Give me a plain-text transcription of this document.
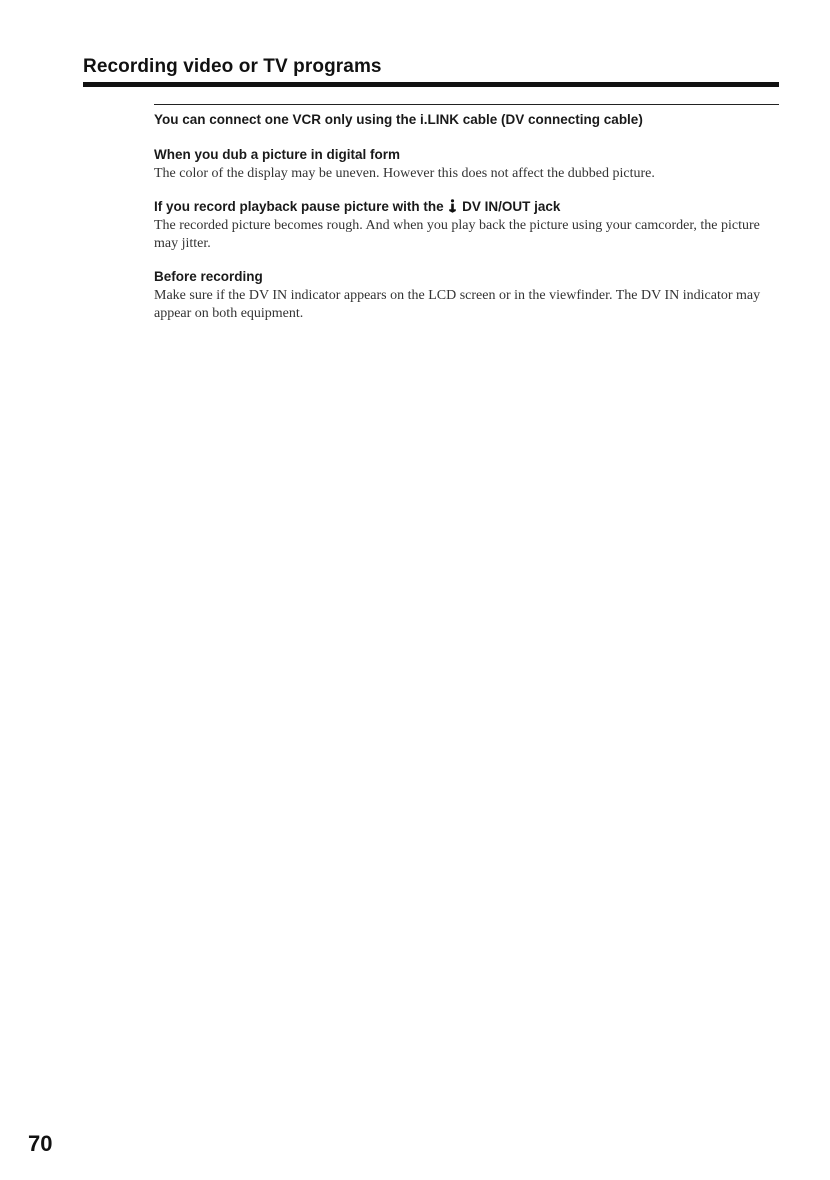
Recording video or TV programs

You can connect one VCR only using the i.LINK cable (DV connecting cable)

When you dub a picture in digital form

The color of the display may be uneven. However this does not affect the dubbed picture.

If you record playback pause picture with the DV IN/OUT jack

The recorded picture becomes rough. And when you play back the picture using your camcorder, the picture may jitter.

Before recording

Make sure if the DV IN indicator appears on the LCD screen or in the viewfinder. The DV IN indicator may appear on both equipment.

70
